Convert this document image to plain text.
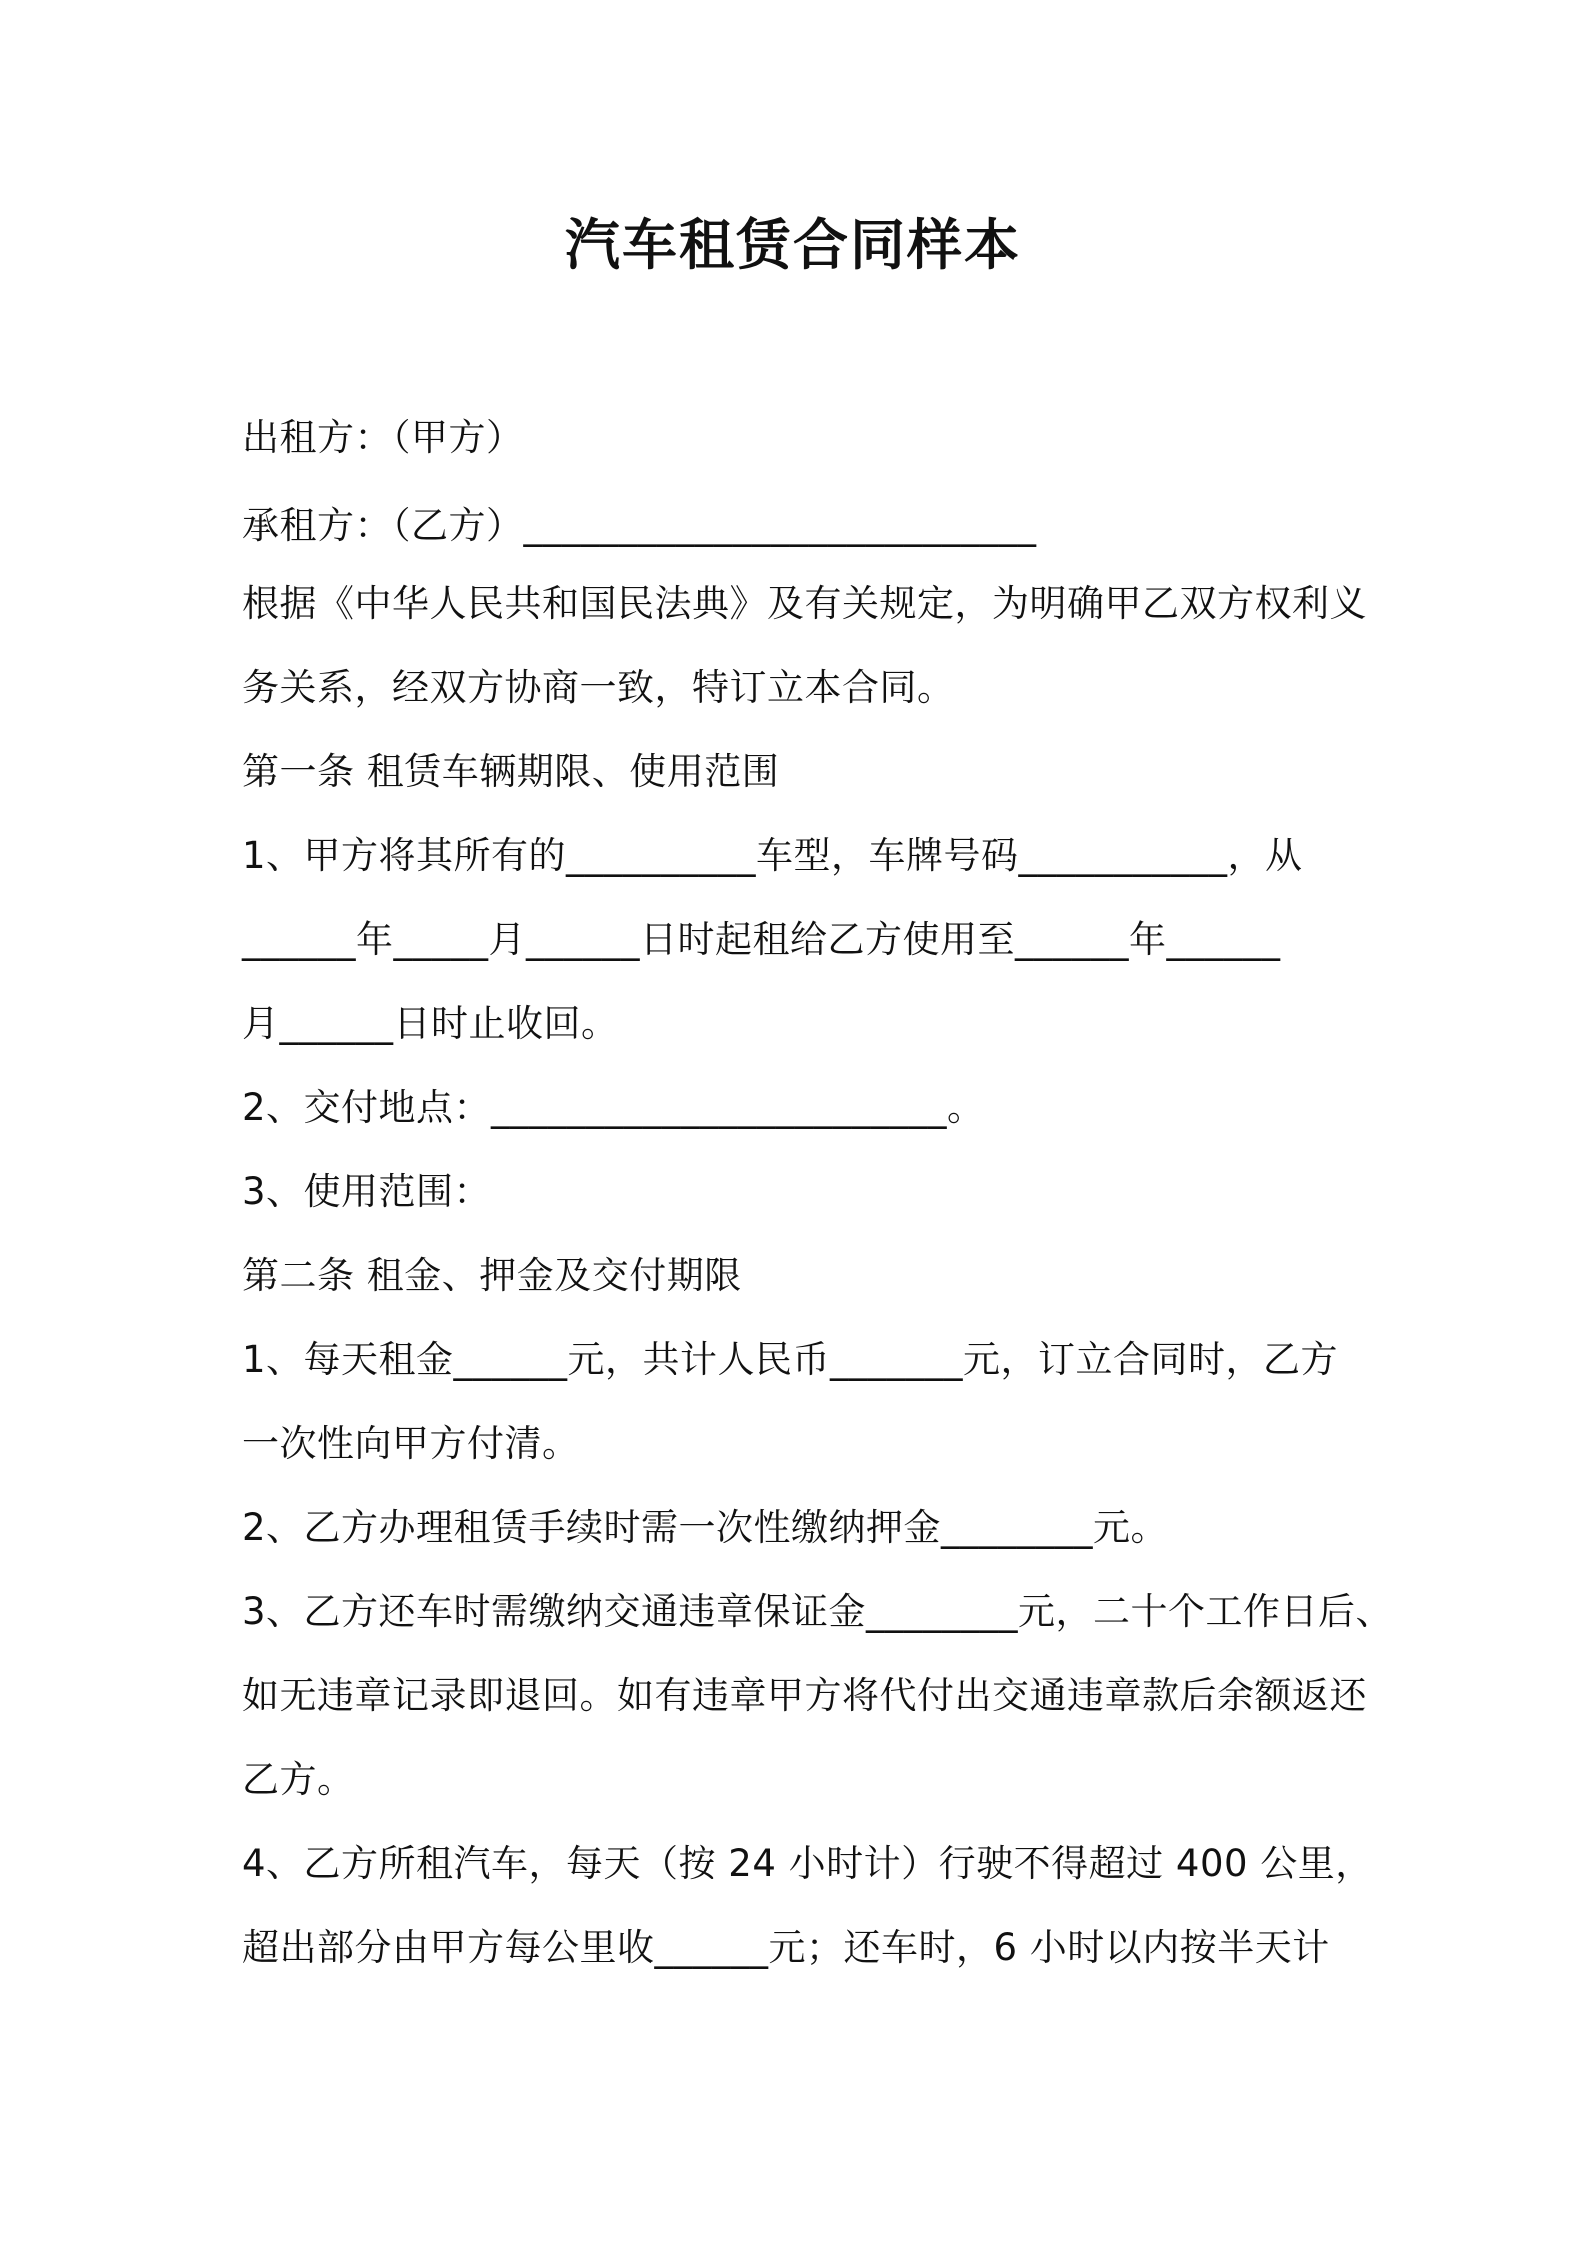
汽车租赁合同样本
出租方：（甲方）
承租方：（乙方）___________________________
根据《中华人民共和国民法典》及有关规定，为明确甲乙双方权利义
务关系，经双方协商一致，特订立本合同。
第一条 租赁车辆期限、使用范围
1、甲方将其所有的__________车型，车牌号码___________，从
______年_____月______日时起租给乙方使用至______年______
月______日时止收回。
2、交付地点：________________________。
3、使用范围：
第二条 租金、押金及交付期限
1、每天租金______元，共计人民币_______元，订立合同时，乙方
一次性向甲方付清。
2、乙方办理租赁手续时需一次性缴纳押金________元。
3、乙方还车时需缴纳交通违章保证金________元，二十个工作日后、
如无违章记录即退回。如有违章甲方将代付出交通违章款后余额返还
乙方。
4、乙方所租汽车，每天（按 24 小时计）行驶不得超过 400 公里，
超出部分由甲方每公里收______元；还车时，6 小时以内按半天计
